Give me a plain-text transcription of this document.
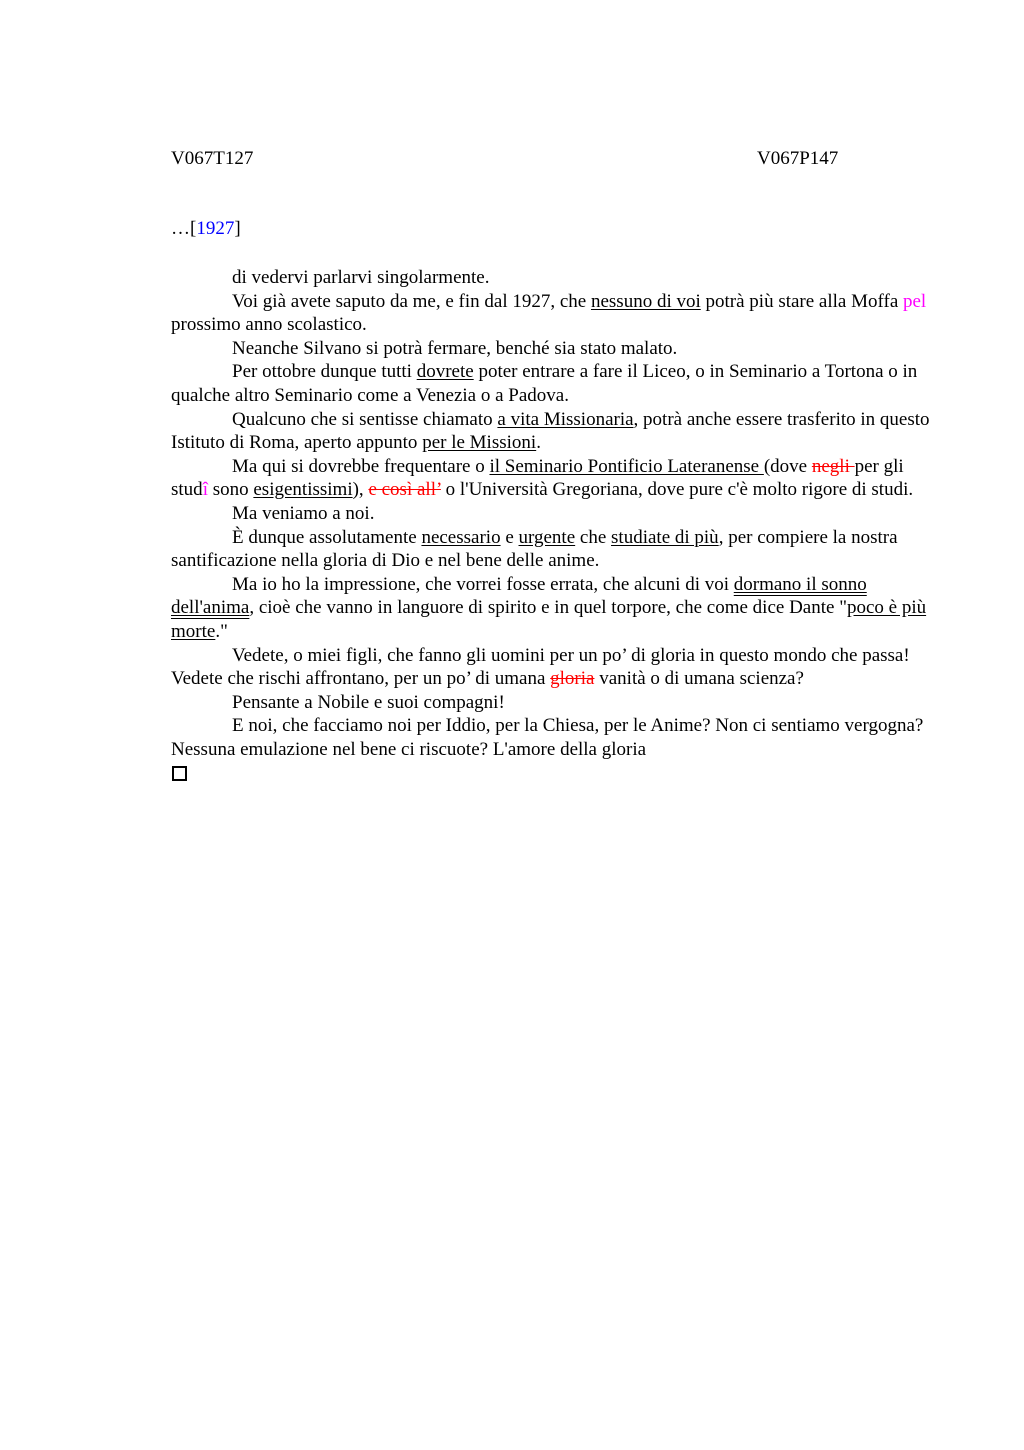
V067T127	V067P147
…[1927]

di vedervi parlarvi singolarmente.

Voi già avete saputo da me, e fin dal 1927, che nessuno di voi potrà più stare alla Moffa pel prossimo anno scolastico.

Neanche Silvano si potrà fermare, benché sia stato malato.

Per ottobre dunque tutti dovrete poter entrare a fare il Liceo, o in Seminario a Tortona o in qualche altro Seminario come a Venezia o a Padova.

Qualcuno che si sentisse chiamato a vita Missionaria, potrà anche essere trasferito in questo Istituto di Roma, aperto appunto per le Missioni.

Ma qui si dovrebbe frequentare o il Seminario Pontificio Lateranense (dove negli per gli studî sono esigentissimi), e così all’ o l'Università Gregoriana, dove pure c'è molto rigore di studi.

Ma veniamo a noi.

È dunque assolutamente necessario e urgente che studiate di più, per compiere la nostra santificazione nella gloria di Dio e nel bene delle anime.

Ma io ho la impressione, che vorrei fosse errata, che alcuni di voi dormano il sonno dell'anima, cioè che vanno in languore di spirito e in quel torpore, che come dice Dante "poco è più morte."

Vedete, o miei figli, che fanno gli uomini per un po’ di gloria in questo mondo che passa! Vedete che rischi affrontano, per un po’ di umana gloria vanità o di umana scienza?

Pensante a Nobile e suoi compagni!

E noi, che facciamo noi per Iddio, per la Chiesa, per le Anime? Non ci sentiamo vergogna? Nessuna emulazione nel bene ci riscuote? L'amore della gloria
